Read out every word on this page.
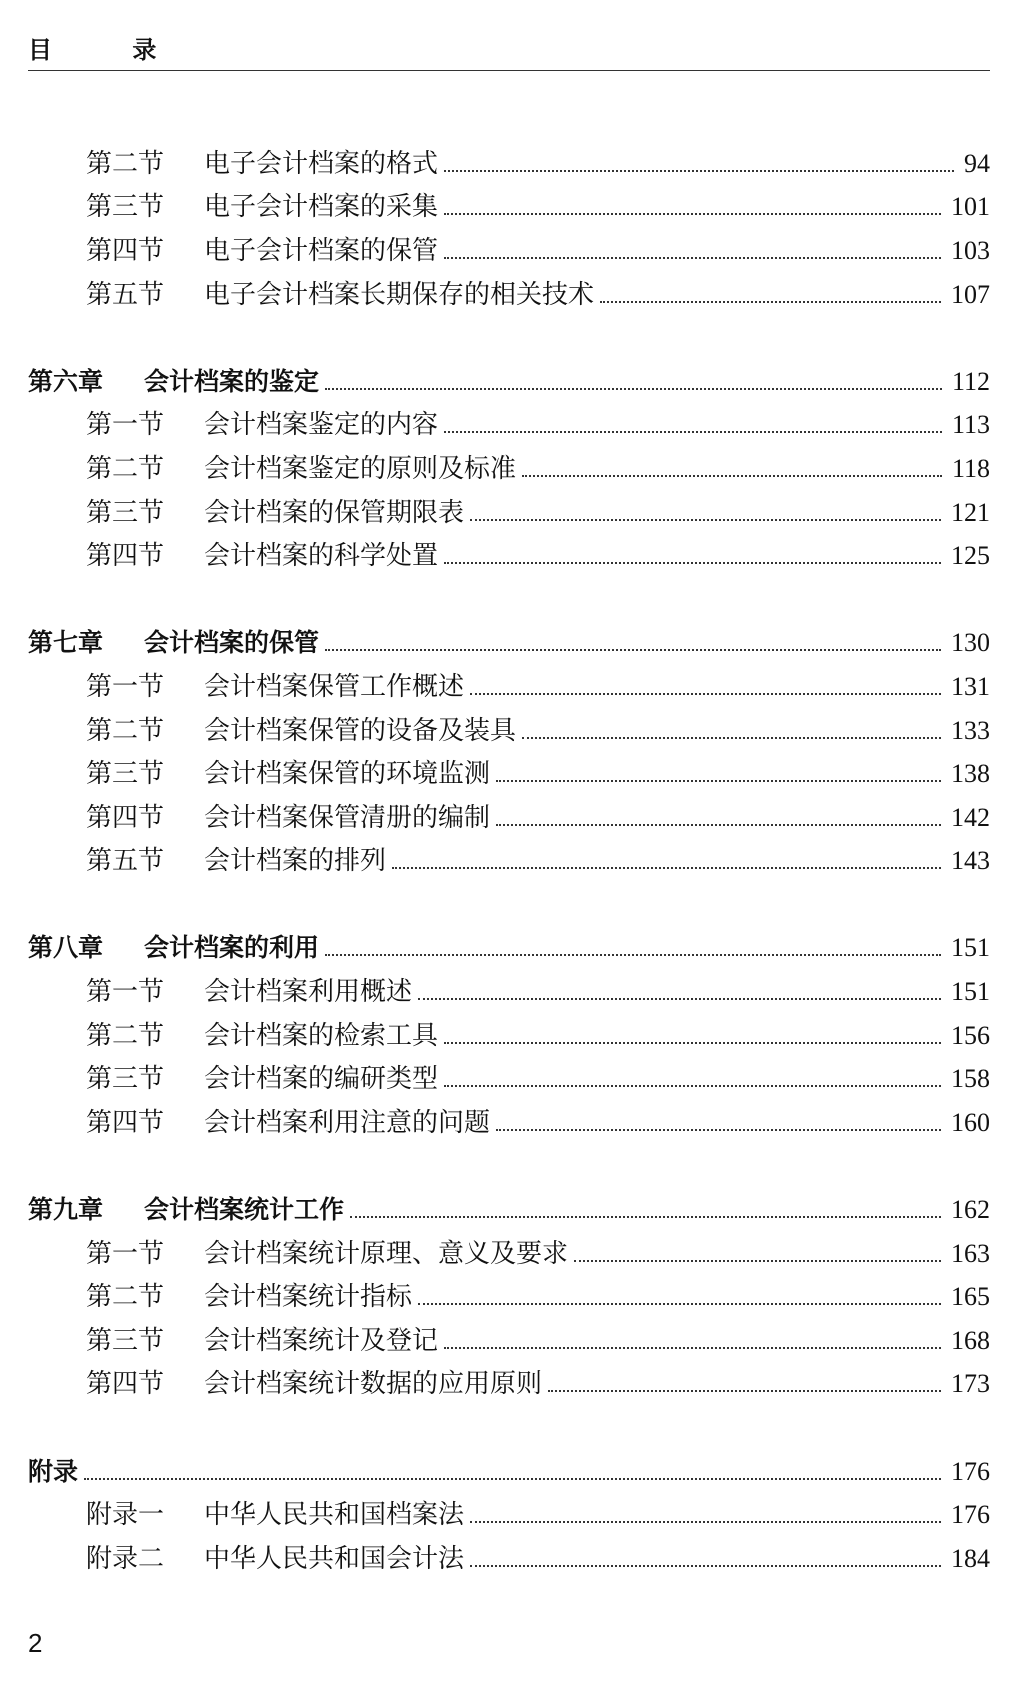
目 录
第二节	电子会计档案的格式	94
第三节	电子会计档案的采集	101
第四节	电子会计档案的保管	103
第五节	电子会计档案长期保存的相关技术	107
第六章	会计档案的鉴定	112
第一节	会计档案鉴定的内容	113
第二节	会计档案鉴定的原则及标准	118
第三节	会计档案的保管期限表	121
第四节	会计档案的科学处置	125
第七章	会计档案的保管	130
第一节	会计档案保管工作概述	131
第二节	会计档案保管的设备及装具	133
第三节	会计档案保管的环境监测	138
第四节	会计档案保管清册的编制	142
第五节	会计档案的排列	143
第八章	会计档案的利用	151
第一节	会计档案利用概述	151
第二节	会计档案的检索工具	156
第三节	会计档案的编研类型	158
第四节	会计档案利用注意的问题	160
第九章	会计档案统计工作	162
第一节	会计档案统计原理、意义及要求	163
第二节	会计档案统计指标	165
第三节	会计档案统计及登记	168
第四节	会计档案统计数据的应用原则	173
附录	176
附录一	中华人民共和国档案法	176
附录二	中华人民共和国会计法	184
2
